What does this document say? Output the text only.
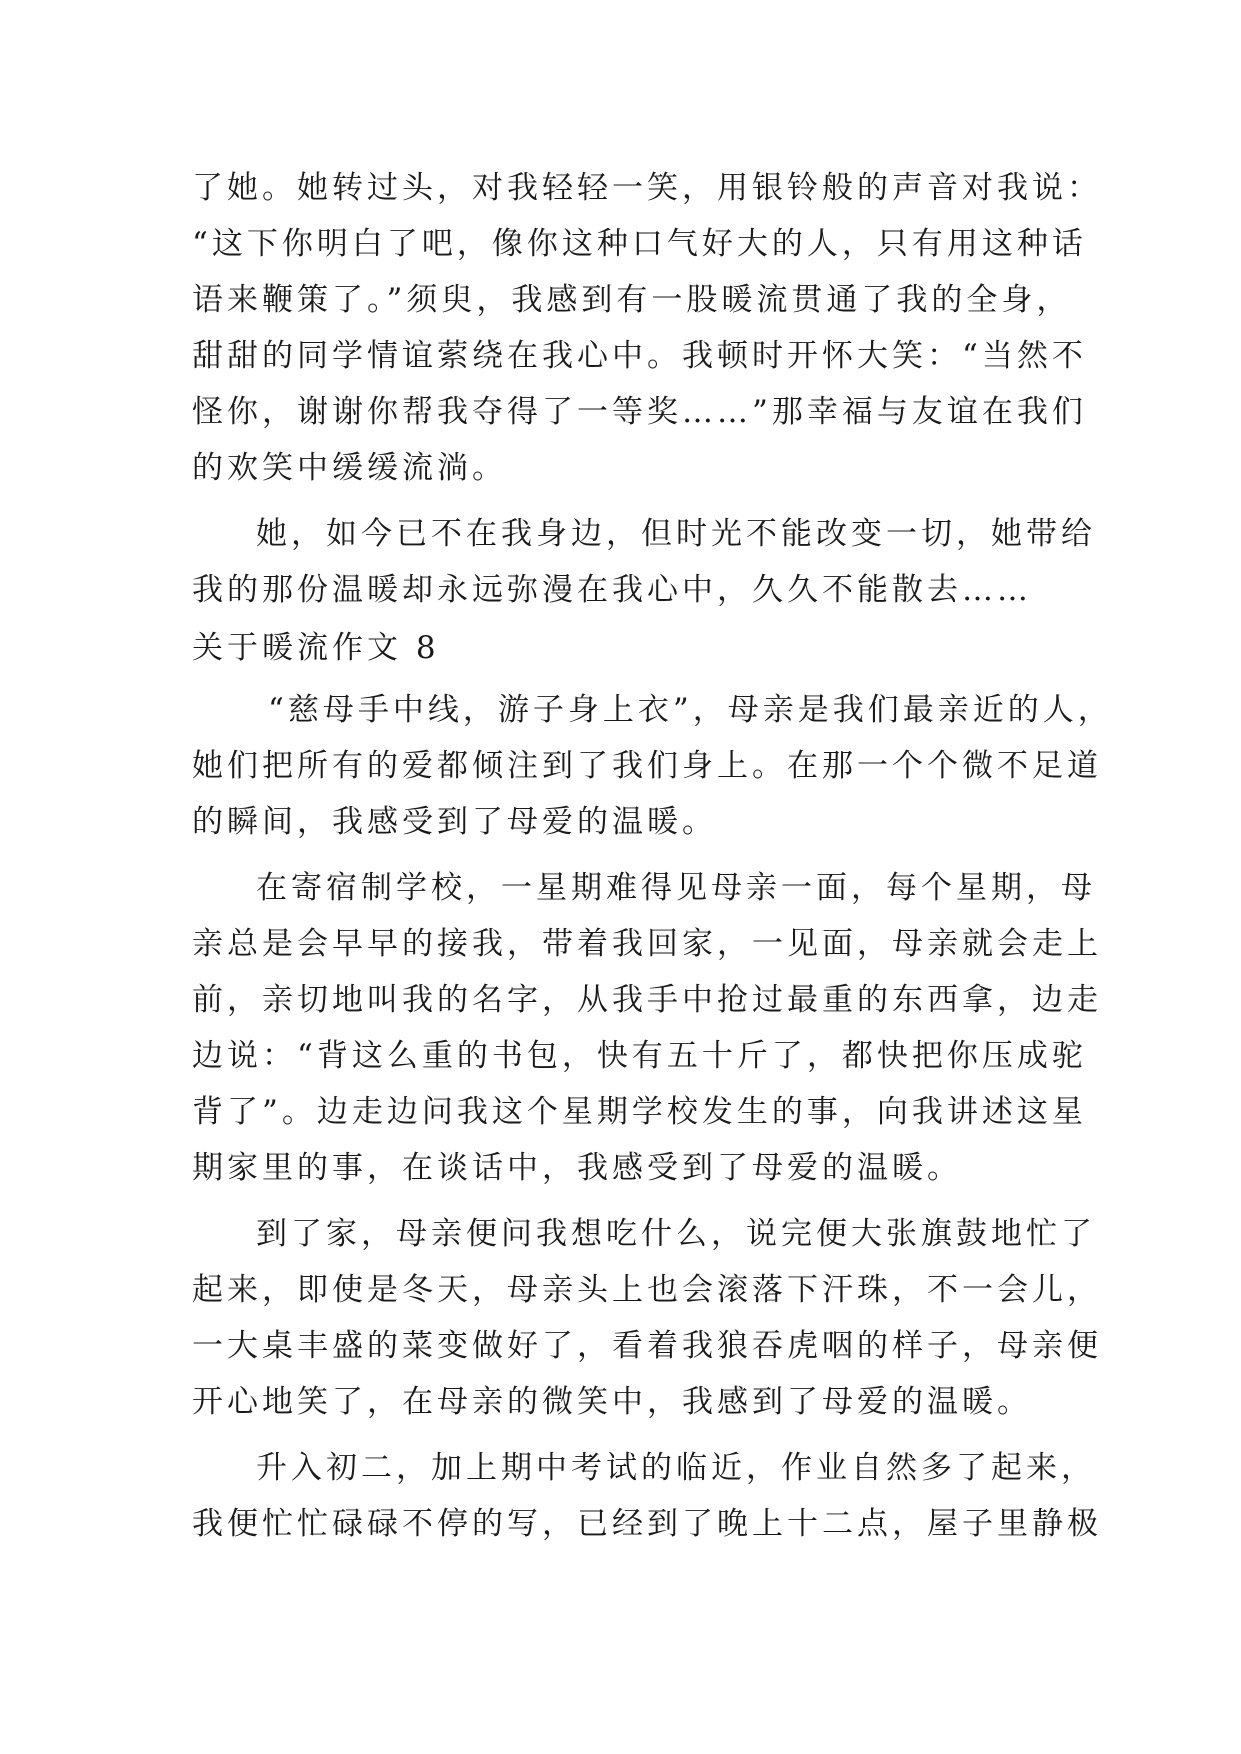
了她。她转过头，对我轻轻一笑，用银铃般的声音对我说：
“这下你明白了吧，像你这种口气好大的人，只有用这种话
语来鞭策了。”须臾，我感到有一股暖流贯通了我的全身，
甜甜的同学情谊萦绕在我心中。我顿时开怀大笑：“当然不
怪你，谢谢你帮我夺得了一等奖……”那幸福与友谊在我们
的欢笑中缓缓流淌。
她，如今已不在我身边，但时光不能改变一切，她带给
我的那份温暖却永远弥漫在我心中，久久不能散去……
关于暖流作文 8
“慈母手中线，游子身上衣”，母亲是我们最亲近的人，
她们把所有的爱都倾注到了我们身上。在那一个个微不足道
的瞬间，我感受到了母爱的温暖。
在寄宿制学校，一星期难得见母亲一面，每个星期，母
亲总是会早早的接我，带着我回家，一见面，母亲就会走上
前，亲切地叫我的名字，从我手中抢过最重的东西拿，边走
边说：“背这么重的书包，快有五十斤了，都快把你压成驼
背了”。边走边问我这个星期学校发生的事，向我讲述这星
期家里的事，在谈话中，我感受到了母爱的温暖。
到了家，母亲便问我想吃什么，说完便大张旗鼓地忙了
起来，即使是冬天，母亲头上也会滚落下汗珠，不一会儿，
一大桌丰盛的菜变做好了，看着我狼吞虎咽的样子，母亲便
开心地笑了，在母亲的微笑中，我感到了母爱的温暖。
升入初二，加上期中考试的临近，作业自然多了起来，
我便忙忙碌碌不停的写，已经到了晚上十二点，屋子里静极
